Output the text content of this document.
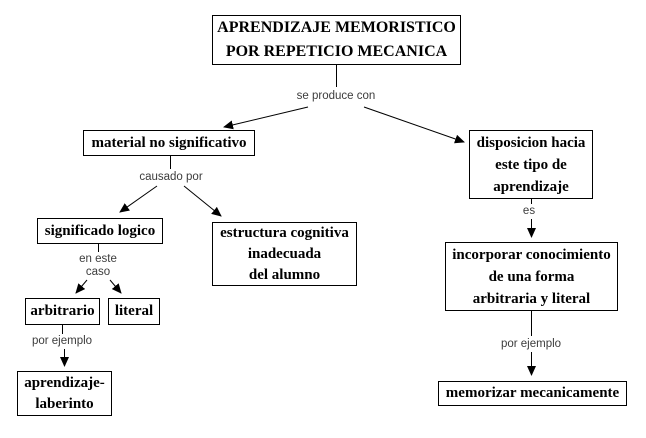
APRENDIZAJE MEMORISTICO
POR REPETICIO MECANICA
se produce con
material no significativo	disposicion hacia
este tipo de
aprendizaje
causado por
significado logico	estructura cognitiva
inadecuada
del alumno
en este
caso
arbitrario literal
por ejemplo
aprendizaje-
laberinto
es
incorporar conocimiento
de una forma
arbitraria y literal
por ejemplo
memorizar mecanicamente
